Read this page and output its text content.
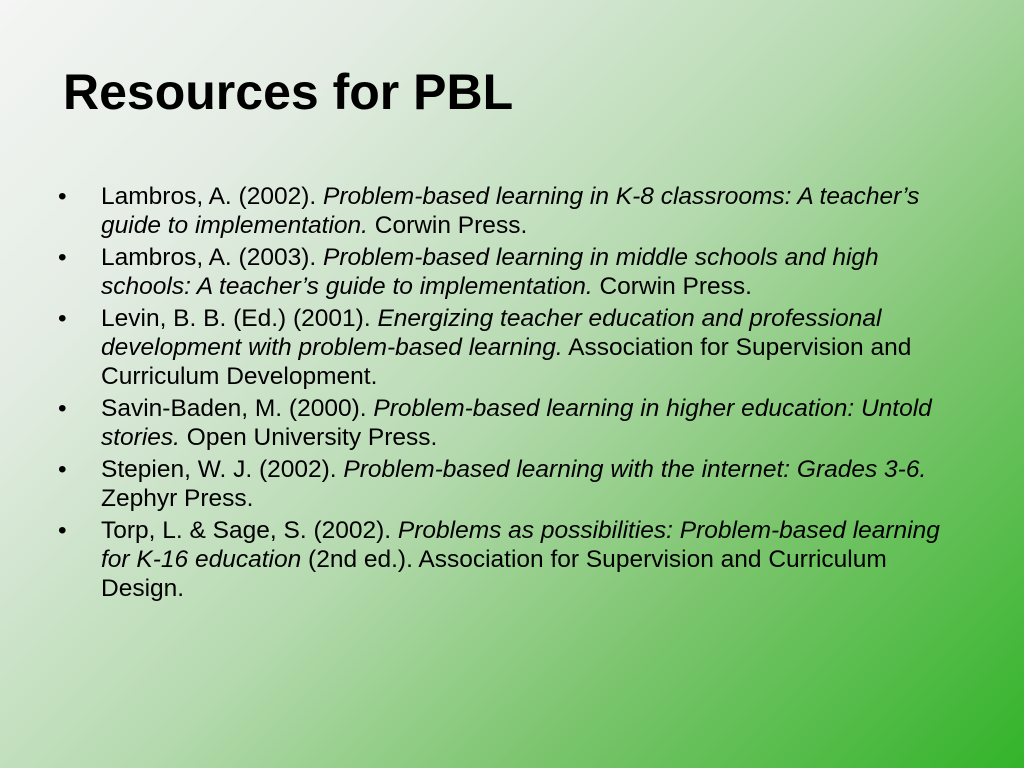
Resources for PBL
• Lambros, A. (2002). Problem-based learning in K-8 classrooms: A teacher’s guide to implementation. Corwin Press.
• Lambros, A. (2003). Problem-based learning in middle schools and high schools: A teacher’s guide to implementation. Corwin Press.
• Levin, B. B. (Ed.) (2001). Energizing teacher education and professional development with problem-based learning. Association for Supervision and Curriculum Development.
• Savin-Baden, M. (2000). Problem-based learning in higher education: Untold stories. Open University Press.
• Stepien, W. J. (2002). Problem-based learning with the internet: Grades 3-6. Zephyr Press.
• Torp, L. & Sage, S. (2002). Problems as possibilities: Problem-based learning for K-16 education (2nd ed.). Association for Supervision and Curriculum Design.
